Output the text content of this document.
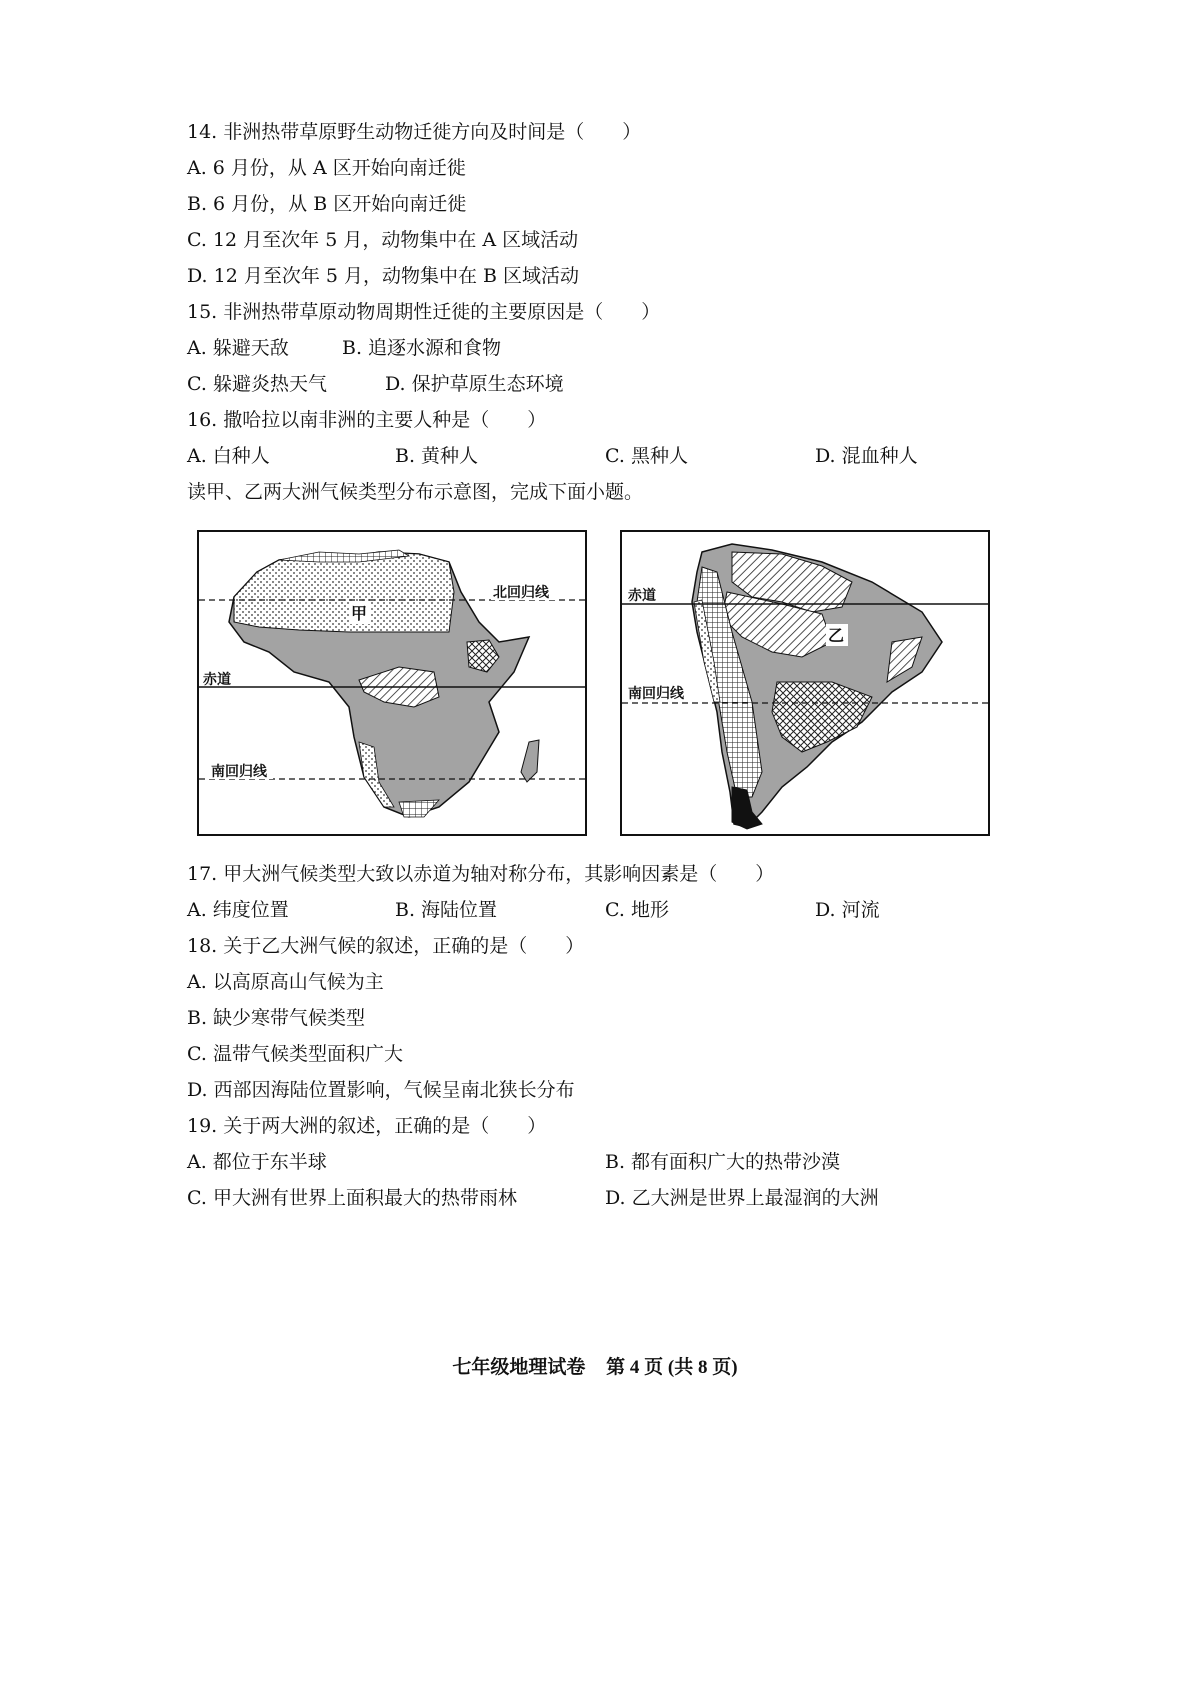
14. 非洲热带草原野生动物迁徙方向及时间是（　　）
A. 6 月份，从 A 区开始向南迁徙
B. 6 月份，从 B 区开始向南迁徙
C. 12 月至次年 5 月，动物集中在 A 区域活动
D. 12 月至次年 5 月，动物集中在 B 区域活动
15. 非洲热带草原动物周期性迁徙的主要原因是（　　）
A. 躲避天敌	B. 追逐水源和食物
C. 躲避炎热天气	D. 保护草原生态环境
16. 撒哈拉以南非洲的主要人种是（　　）
A. 白种人	B. 黄种人	C. 黑种人	D. 混血种人
读甲、乙两大洲气候类型分布示意图，完成下面小题。
北回归线
赤道
南回归线
甲
赤道
南回归线
乙
17. 甲大洲气候类型大致以赤道为轴对称分布，其影响因素是（　　）
A. 纬度位置	B. 海陆位置	C. 地形	D. 河流
18. 关于乙大洲气候的叙述，正确的是（　　）
A. 以高原高山气候为主
B. 缺少寒带气候类型
C. 温带气候类型面积广大
D. 西部因海陆位置影响，气候呈南北狭长分布
19. 关于两大洲的叙述，正确的是（　　）
A. 都位于东半球	B. 都有面积广大的热带沙漠
C. 甲大洲有世界上面积最大的热带雨林	D. 乙大洲是世界上最湿润的大洲
七年级地理试卷 第 4 页 (共 8 页)
